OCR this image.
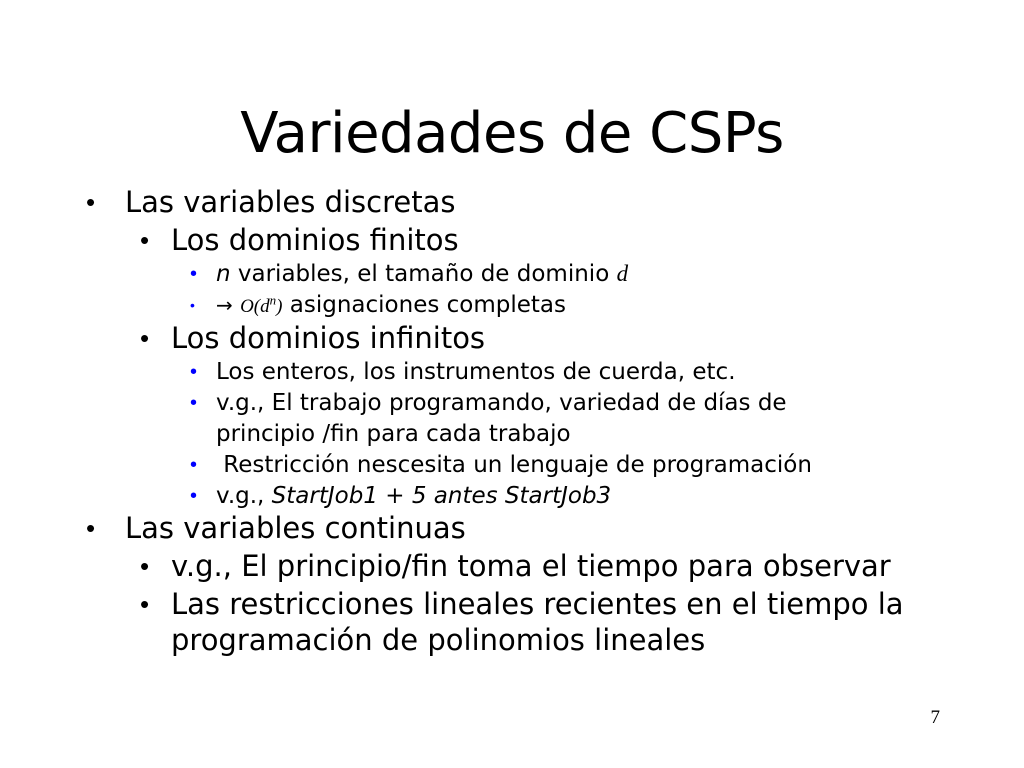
Variedades de CSPs
• Las variables discretas
• Los dominios finitos
• n variables, el tamaño de dominio d
• → $O(d^n)$ asignaciones completas
• Los dominios infinitos
• Los enteros, los instrumentos de cuerda, etc.
• v.g., El trabajo programando, variedad de días de
principio /fin para cada trabajo
• Restricción nescesita un lenguaje de programación
• v.g., StartJob1 + 5 antes StartJob3
• Las variables continuas
• v.g., El principio/fin toma el tiempo para observar
• Las restricciones lineales recientes en el tiempo la
programación de polinomios lineales
7
